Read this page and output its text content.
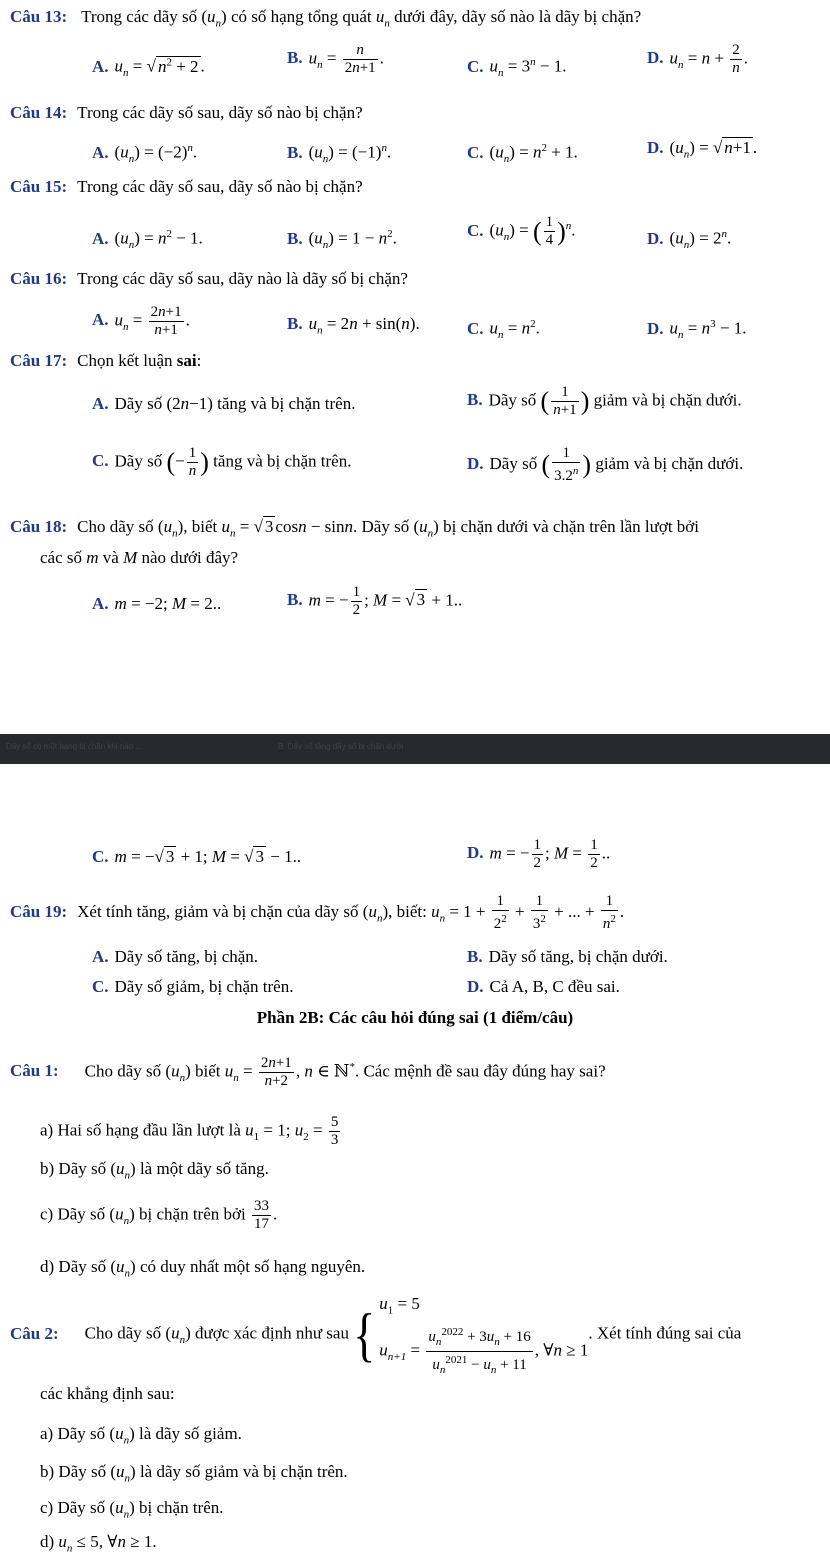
Câu 13: Trong các dãy số $(u_n)$ có số hạng tổng quát $u_n$ dưới đây, dãy số nào là dãy bị chặn?
A. $u_n$ = √ $n^2 + 2$ .	B. $u_n = \frac{n}{2n+1}$ .	C. $u_n = 3^n - 1$.	D. $u_n = n + \frac{2}{n}$ .
Câu 14: Trong các dãy số sau, dãy số nào bị chặn?
A. $(u_n) = (-2)^n$.	B. $(u_n) = (-1)^n$.	C. $(u_n) = n^2 + 1$.	D. $(u_n)$ = √ n+1 .
Câu 15: Trong các dãy số sau, dãy số nào bị chặn?
A. $(u_n) = n^2 - 1$.	B. $(u_n) = 1 - n^2$.	C. $(u_n)$ = ( $\frac{1}{4} )^n$.	D. $(u_n) = 2^n$.
Câu 16: Trong các dãy số sau, dãy nào là dãy số bị chặn?
A. $u_n = \frac{2n+1}{n+1}$ .	B. $u_n = 2n + \sin(n)$.	C. $u_n = n^2$.	D. $u_n = n^3 - 1$.
Câu 17: Chọn kết luận sai:
A. Dãy số (2n−1) tăng và bị chặn trên.	B. Dãy số ( $\frac{1}{n+1}$ ) giảm và bị chặn dưới.
C. Dãy số (− $\frac{1}{n}$ ) tăng và bị chặn trên.	D. Dãy số ( $\frac{1}{3.2^n}$ ) giảm và bị chặn dưới.
Câu 18: Cho dãy số $(u_n)$, biết $u_n$ = √ 3 cosn − sinn. Dãy số $(u_n)$ bị chặn dưới và chặn trên lần lượt bởi
các số m và M nào dưới đây?
A. m = −2; M = 2..	B. m = − $\frac{1}{2}$ ; M = √ 3 + 1..
Dãy số có một hạng bị chặn khi nào ...	B. Dãy số tăng dãy số bị chặn dưới
C. m = −√ 3 + 1; M = √ 3 − 1..	D. m = − $\frac{1}{2}$ ; $M = \frac{1}{2}$ ..
Câu 19: Xét tính tăng, giảm và bị chặn của dãy số $(u_n)$, biết: $u_n = 1 + \frac{1}{2^2} + \frac{1}{3^2}$ + ... + $\frac{1}{n^2}$ .
A. Dãy số tăng, bị chặn.	B. Dãy số tăng, bị chặn dưới.
C. Dãy số giảm, bị chặn trên.	D. Cả A, B, C đều sai.
Phần 2B: Các câu hỏi đúng sai (1 điểm/câu)
Câu 1: Cho dãy số $(u_n)$ biết $u_n = \frac{2n+1}{n+2}$ , n ∈ ℕ*. Các mệnh đề sau đây đúng hay sai?
a) Hai số hạng đầu lần lượt là $u_1 = 1$; $u_2 = \frac{5}{3}$
b) Dãy số $(u_n)$ là một dãy số tăng.
c) Dãy số $(u_n)$ bị chặn trên bởi $\frac{33}{17}$ .
d) Dãy số $(u_n)$ có duy nhất một số hạng nguyên.
Câu 2: Cho dãy số $(u_n)$ được xác định như sau { $u_1 = 5$
$u_{n+1} = \frac{u_n^{2022} + 3u_n + 16}{u_n^{2021} - u_n + 11}$ , ∀n ≥ 1
. Xét tính đúng sai của
các khẳng định sau:
a) Dãy số $(u_n)$ là dãy số giảm.
b) Dãy số $(u_n)$ là dãy số giảm và bị chặn trên.
c) Dãy số $(u_n)$ bị chặn trên.
d) $u_n \le 5$, ∀n ≥ 1.
